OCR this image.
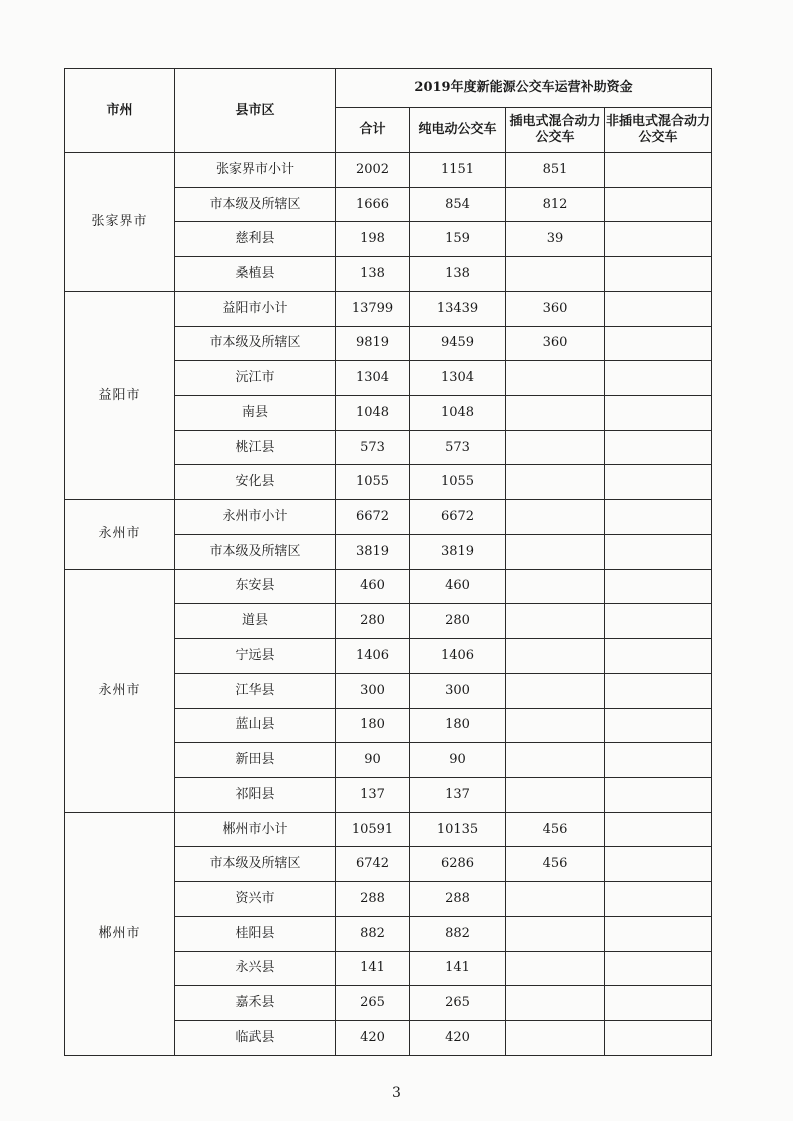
市州	县市区	2019年度新能源公交车运营补助资金			
		合计	纯电动公交车	插电式混合动力公交车	非插电式混合动力公交车
张家界市	张家界市小计	2002	1151	851	
	市本级及所辖区	1666	854	812	
	慈利县	198	159	39	
	桑植县	138	138		
益阳市	益阳市小计	13799	13439	360	
	市本级及所辖区	9819	9459	360	
	沅江市	1304	1304		
	南县	1048	1048		
	桃江县	573	573		
	安化县	1055	1055		
永州市	永州市小计	6672	6672		
	市本级及所辖区	3819	3819		
永州市	东安县	460	460		
	道县	280	280		
	宁远县	1406	1406		
	江华县	300	300		
	蓝山县	180	180		
	新田县	90	90		
	祁阳县	137	137		
郴州市	郴州市小计	10591	10135	456	
	市本级及所辖区	6742	6286	456	
	资兴市	288	288		
	桂阳县	882	882		
	永兴县	141	141		
	嘉禾县	265	265		
	临武县	420	420		
3
